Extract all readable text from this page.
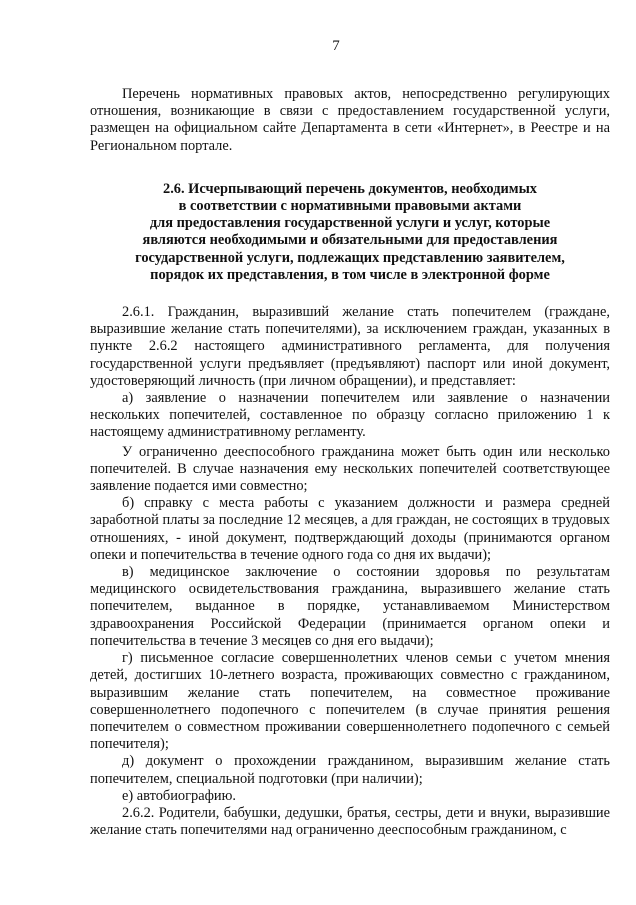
7

Перечень нормативных правовых актов, непосредственно регулирующих отношения, возникающие в связи с предоставлением государственной услуги, размещен на официальном сайте Департамента в сети «Интернет», в Реестре и на Региональном портале.

2.6. Исчерпывающий перечень документов, необходимых
в соответствии с нормативными правовыми актами
для предоставления государственной услуги и услуг, которые
являются необходимыми и обязательными для предоставления
государственной услуги, подлежащих представлению заявителем,
порядок их представления, в том числе в электронной форме

2.6.1. Гражданин, выразивший желание стать попечителем (граждане, выразившие желание стать попечителями), за исключением граждан, указанных в пункте 2.6.2 настоящего административного регламента, для получения государственной услуги предъявляет (предъявляют) паспорт или иной документ, удостоверяющий личность (при личном обращении), и представляет:

а) заявление о назначении попечителем или заявление о назначении нескольких попечителей, составленное по образцу согласно приложению 1 к настоящему административному регламенту.

У ограниченно дееспособного гражданина может быть один или несколько попечителей. В случае назначения ему нескольких попечителей соответствующее заявление подается ими совместно;

б) справку с места работы с указанием должности и размера средней заработной платы за последние 12 месяцев, а для граждан, не состоящих в трудовых отношениях, - иной документ, подтверждающий доходы (принимаются органом опеки и попечительства в течение одного года со дня их выдачи);

в) медицинское заключение о состоянии здоровья по результатам медицинского освидетельствования гражданина, выразившего желание стать попечителем, выданное в порядке, устанавливаемом Министерством здравоохранения Российской Федерации (принимается органом опеки и попечительства в течение 3 месяцев со дня его выдачи);

г) письменное согласие совершеннолетних членов семьи с учетом мнения детей, достигших 10-летнего возраста, проживающих совместно с гражданином, выразившим желание стать попечителем, на совместное проживание совершеннолетнего подопечного с попечителем (в случае принятия решения попечителем о совместном проживании совершеннолетнего подопечного с семьей попечителя);

д) документ о прохождении гражданином, выразившим желание стать попечителем, специальной подготовки (при наличии);

е) автобиографию.

2.6.2. Родители, бабушки, дедушки, братья, сестры, дети и внуки, выразившие желание стать попечителями над ограниченно дееспособным гражданином, с
